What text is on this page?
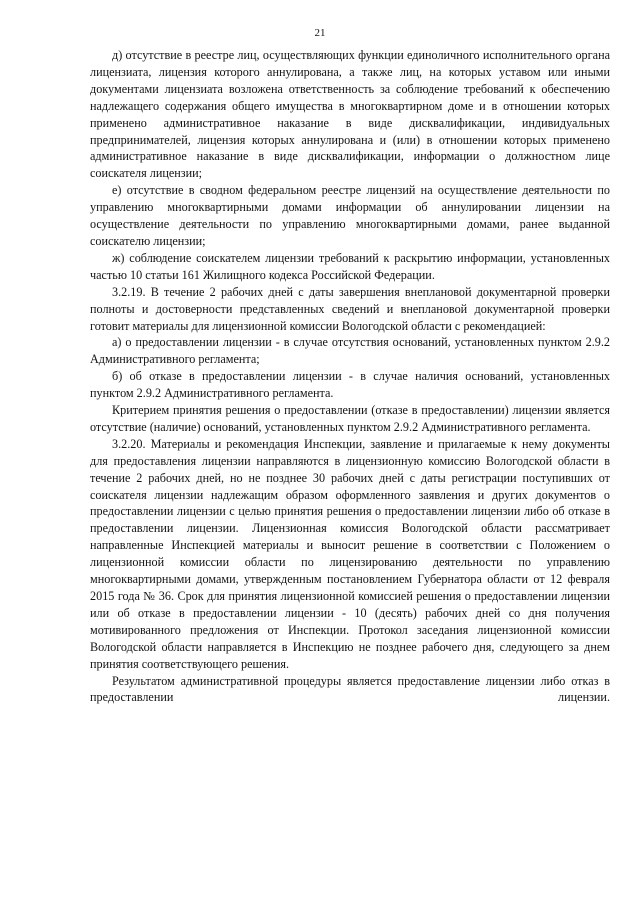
21

д) отсутствие в реестре лиц, осуществляющих функции единоличного исполнительного органа лицензиата, лицензия которого аннулирована, а также лиц, на которых уставом или иными документами лицензиата возложена ответственность за соблюдение требований к обеспечению надлежащего содержания общего имущества в многоквартирном доме и в отношении которых применено административное наказание в виде дисквалификации, индивидуальных предпринимателей, лицензия которых аннулирована и (или) в отношении которых применено административное наказание в виде дисквалификации, информации о должностном лице соискателя лицензии;

е) отсутствие в сводном федеральном реестре лицензий на осуществление деятельности по управлению многоквартирными домами информации об аннулировании лицензии на осуществление деятельности по управлению многоквартирными домами, ранее выданной соискателю лицензии;

ж) соблюдение соискателем лицензии требований к раскрытию информации, установленных частью 10 статьи 161 Жилищного кодекса Российской Федерации.

3.2.19. В течение 2 рабочих дней с даты завершения внеплановой документарной проверки полноты и достоверности представленных сведений и внеплановой документарной проверки готовит материалы для лицензионной комиссии Вологодской области с рекомендацией:

а) о предоставлении лицензии - в случае отсутствия оснований, установленных пунктом 2.9.2 Административного регламента;

б) об отказе в предоставлении лицензии - в случае наличия оснований, установленных пунктом 2.9.2 Административного регламента.

Критерием принятия решения о предоставлении (отказе в предоставлении) лицензии является отсутствие (наличие) оснований, установленных пунктом 2.9.2 Административного регламента.

3.2.20. Материалы и рекомендация Инспекции, заявление и прилагаемые к нему документы для предоставления лицензии направляются в лицензионную комиссию Вологодской области в течение 2 рабочих дней, но не позднее 30 рабочих дней с даты регистрации поступивших от соискателя лицензии надлежащим образом оформленного заявления и других документов о предоставлении лицензии с целью принятия решения о предоставлении лицензии либо об отказе в предоставлении лицензии. Лицензионная комиссия Вологодской области рассматривает направленные Инспекцией материалы и выносит решение в соответствии с Положением о лицензионной комиссии области по лицензированию деятельности по управлению многоквартирными домами, утвержденным постановлением Губернатора области от 12 февраля 2015 года № 36. Срок для принятия лицензионной комиссией решения о предоставлении лицензии или об отказе в предоставлении лицензии - 10 (десять) рабочих дней со дня получения мотивированного предложения от Инспекции. Протокол заседания лицензионной комиссии Вологодской области направляется в Инспекцию не позднее рабочего дня, следующего за днем принятия соответствующего решения.

Результатом административной процедуры является предоставление лицензии либо отказ в предоставлении лицензии.
